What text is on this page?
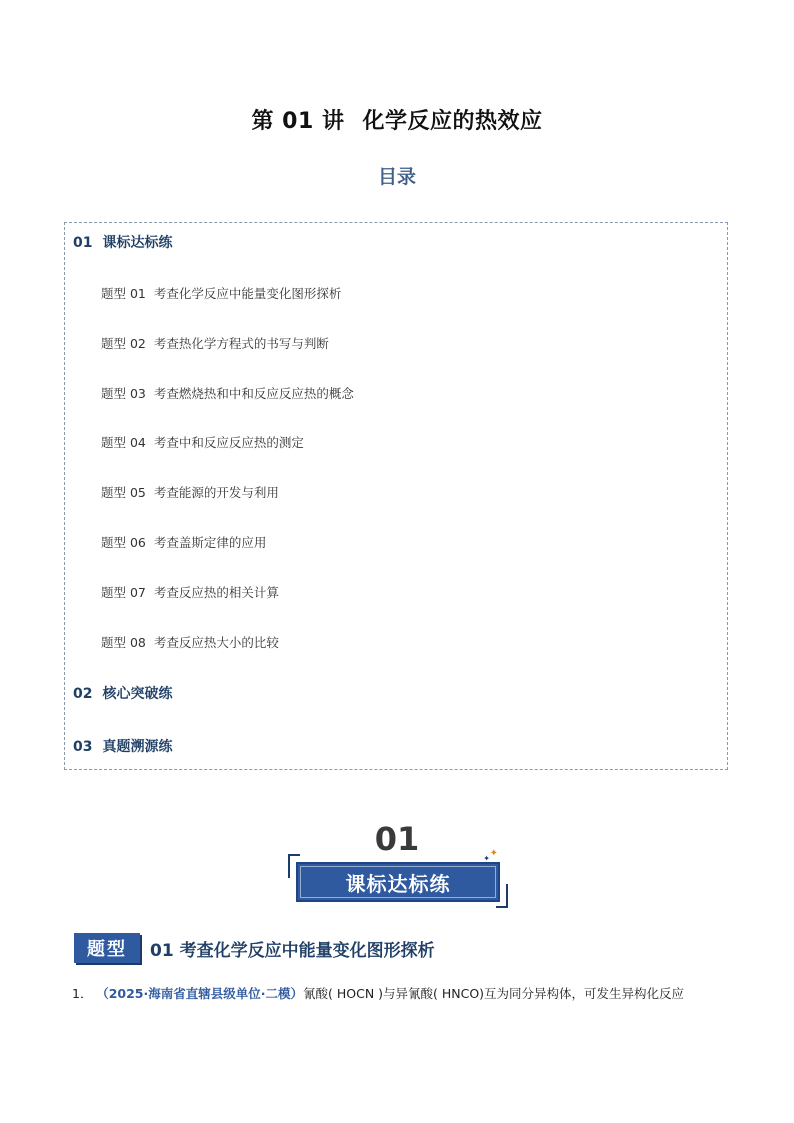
第 01 讲 化学反应的热效应
目录
01 课标达标练
题型 01 考查化学反应中能量变化图形探析
题型 02 考查热化学方程式的书写与判断
题型 03 考查燃烧热和中和反应反应热的概念
题型 04 考查中和反应反应热的测定
题型 05 考查能源的开发与利用
题型 06 考查盖斯定律的应用
题型 07 考查反应热的相关计算
题型 08 考查反应热大小的比较
02 核心突破练
03 真题溯源练
01
课标达标练
✦
✦
题型	01 考查化学反应中能量变化图形探析
1． （2025·海南省直辖县级单位·二模）氰酸( HOCN )与异氰酸( HNCO)互为同分异构体，可发生异构化反应
